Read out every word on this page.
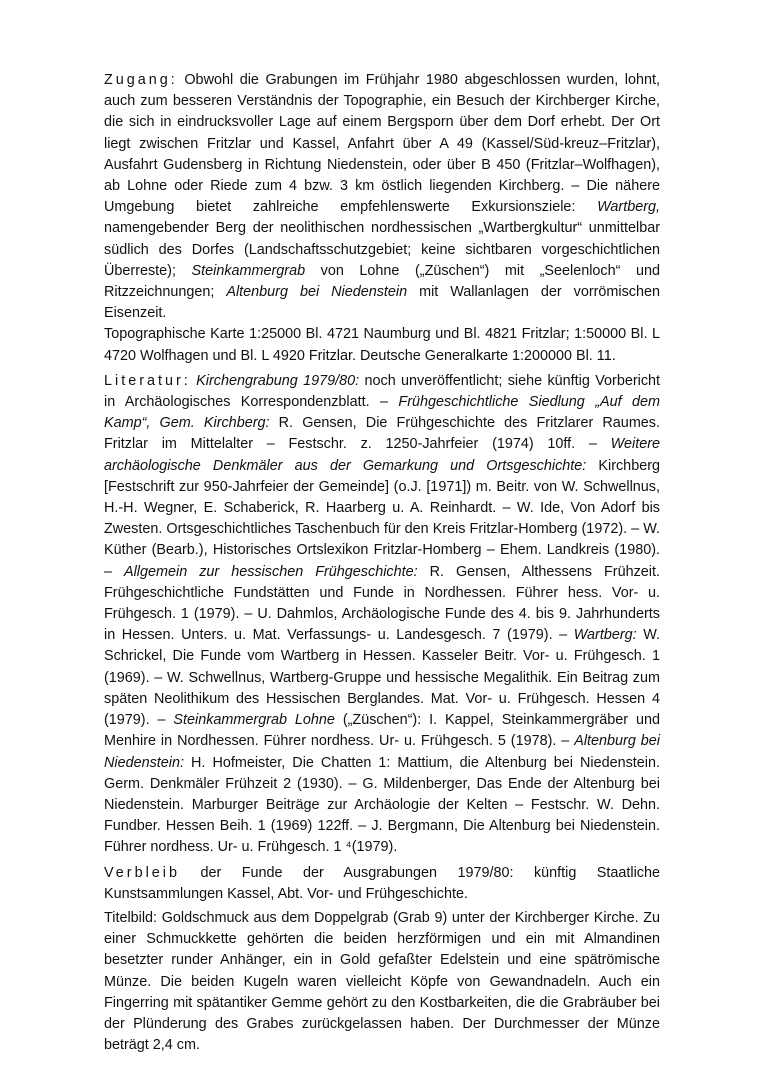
Zugang: Obwohl die Grabungen im Frühjahr 1980 abgeschlossen wurden, lohnt, auch zum besseren Verständnis der Topographie, ein Besuch der Kirchberger Kirche, die sich in eindrucksvoller Lage auf einem Bergsporn über dem Dorf erhebt. Der Ort liegt zwischen Fritzlar und Kassel, Anfahrt über A 49 (Kassel/Süd-kreuz–Fritzlar), Ausfahrt Gudensberg in Richtung Niedenstein, oder über B 450 (Fritzlar–Wolfhagen), ab Lohne oder Riede zum 4 bzw. 3 km östlich liegenden Kirchberg. – Die nähere Umgebung bietet zahlreiche empfehlenswerte Exkursionsziele: Wartberg, namengebender Berg der neolithischen nordhessischen „Wartbergkultur“ unmittelbar südlich des Dorfes (Landschaftsschutzgebiet; keine sichtbaren vorgeschichtlichen Überreste); Steinkammergrab von Lohne („Züschen“) mit „Seelenloch“ und Ritzzeichnungen; Altenburg bei Niedenstein mit Wallanlagen der vorrömischen Eisenzeit.

Topographische Karte 1:25000 Bl. 4721 Naumburg und Bl. 4821 Fritzlar; 1:50000 Bl. L 4720 Wolfhagen und Bl. L 4920 Fritzlar. Deutsche Generalkarte 1:200000 Bl. 11.

Literatur: Kirchengrabung 1979/80: noch unveröffentlicht; siehe künftig Vorbericht in Archäologisches Korrespondenzblatt. – Frühgeschichtliche Siedlung „Auf dem Kamp“, Gem. Kirchberg: R. Gensen, Die Frühgeschichte des Fritzlarer Raumes. Fritzlar im Mittelalter – Festschr. z. 1250-Jahrfeier (1974) 10ff. – Weitere archäologische Denkmäler aus der Gemarkung und Ortsgeschichte: Kirchberg [Festschrift zur 950-Jahrfeier der Gemeinde] (o.J. [1971]) m. Beitr. von W. Schwellnus, H.-H. Wegner, E. Schaberick, R. Haarberg u. A. Reinhardt. – W. Ide, Von Adorf bis Zwesten. Ortsgeschichtliches Taschenbuch für den Kreis Fritzlar-Homberg (1972). – W. Küther (Bearb.), Historisches Ortslexikon Fritzlar-Homberg – Ehem. Landkreis (1980). – Allgemein zur hessischen Frühgeschichte: R. Gensen, Althessens Frühzeit. Frühgeschichtliche Fundstätten und Funde in Nordhessen. Führer hess. Vor- u. Frühgesch. 1 (1979). – U. Dahmlos, Archäologische Funde des 4. bis 9. Jahrhunderts in Hessen. Unters. u. Mat. Verfassungs- u. Landesgesch. 7 (1979). – Wartberg: W. Schrickel, Die Funde vom Wartberg in Hessen. Kasseler Beitr. Vor- u. Frühgesch. 1 (1969). – W. Schwellnus, Wartberg-Gruppe und hessische Megalithik. Ein Beitrag zum späten Neolithikum des Hessischen Berglandes. Mat. Vor- u. Frühgesch. Hessen 4 (1979). – Steinkammergrab Lohne („Züschen“): I. Kappel, Steinkammergräber und Menhire in Nordhessen. Führer nordhess. Ur- u. Frühgesch. 5 (1978). – Altenburg bei Niedenstein: H. Hofmeister, Die Chatten 1: Mattium, die Altenburg bei Niedenstein. Germ. Denkmäler Frühzeit 2 (1930). – G. Mildenberger, Das Ende der Altenburg bei Niedenstein. Marburger Beiträge zur Archäologie der Kelten – Festschr. W. Dehn. Fundber. Hessen Beih. 1 (1969) 122ff. – J. Bergmann, Die Altenburg bei Niedenstein. Führer nordhess. Ur- u. Frühgesch. 1 ⁴(1979).

Verbleib der Funde der Ausgrabungen 1979/80: künftig Staatliche Kunstsammlungen Kassel, Abt. Vor- und Frühgeschichte.

Titelbild: Goldschmuck aus dem Doppelgrab (Grab 9) unter der Kirchberger Kirche. Zu einer Schmuckkette gehörten die beiden herzförmigen und ein mit Almandinen besetzter runder Anhänger, ein in Gold gefaßter Edelstein und eine spätrömische Münze. Die beiden Kugeln waren vielleicht Köpfe von Gewandnadeln. Auch ein Fingerring mit spätantiker Gemme gehört zu den Kostbarkeiten, die die Grabräuber bei der Plünderung des Grabes zurückgelassen haben. Der Durchmesser der Münze beträgt 2,4 cm.
